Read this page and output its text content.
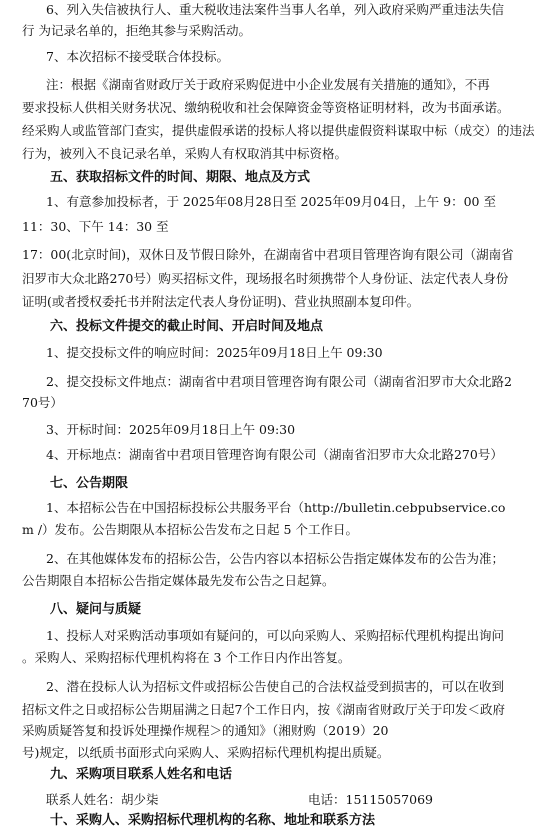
6、列入失信被执行人、重大税收违法案件当事人名单，列入政府采购严重违法失信
行 为记录名单的，拒绝其参与采购活动。
7、本次招标不接受联合体投标。
注：根据《湖南省财政厅关于政府采购促进中小企业发展有关措施的通知》，不再
要求投标人供相关财务状况、缴纳税收和社会保障资金等资格证明材料，改为书面承诺。
经采购人或监管部门查实，提供虚假承诺的投标人将以提供虚假资料谋取中标（成交）的违法
行为，被列入不良记录名单，采购人有权取消其中标资格。
五、获取招标文件的时间、期限、地点及方式
1、有意参加投标者，于 2025年08月28日至 2025年09月04日，上午 9：00 至
11：30、下午 14：30 至
17：00(北京时间)，双休日及节假日除外，在湖南省中君项目管理咨询有限公司（湖南省
汨罗市大众北路270号）购买招标文件，现场报名时须携带个人身份证、法定代表人身份
证明(或者授权委托书并附法定代表人身份证明)、营业执照副本复印件。
六、投标文件提交的截止时间、开启时间及地点
1、提交投标文件的响应时间：2025年09月18日上午 09:30
2、提交投标文件地点：湖南省中君项目管理咨询有限公司（湖南省汨罗市大众北路2
70号）
3、开标时间：2025年09月18日上午 09:30
4、开标地点：湖南省中君项目管理咨询有限公司（湖南省汨罗市大众北路270号）
七、公告期限
1、本招标公告在中国招标投标公共服务平台（http://bulletin.cebpubservice.co
m /）发布。公告期限从本招标公告发布之日起 5 个工作日。
2、在其他媒体发布的招标公告，公告内容以本招标公告指定媒体发布的公告为准；
公告期限自本招标公告指定媒体最先发布公告之日起算。
八、疑问与质疑
1、投标人对采购活动事项如有疑问的，可以向采购人、采购招标代理机构提出询问
。采购人、采购招标代理机构将在 3 个工作日内作出答复。
2、潜在投标人认为招标文件或招标公告使自己的合法权益受到损害的，可以在收到
招标文件之日或招标公告期届满之日起7个工作日内，按《湖南省财政厅关于印发＜政府
采购质疑答复和投诉处理操作规程＞的通知》（湘财购（2019）20
号)规定，以纸质书面形式向采购人、采购招标代理机构提出质疑。
九、采购项目联系人姓名和电话
联系人姓名：胡少柒	电话：15115057069
十、采购人、采购招标代理机构的名称、地址和联系方法
